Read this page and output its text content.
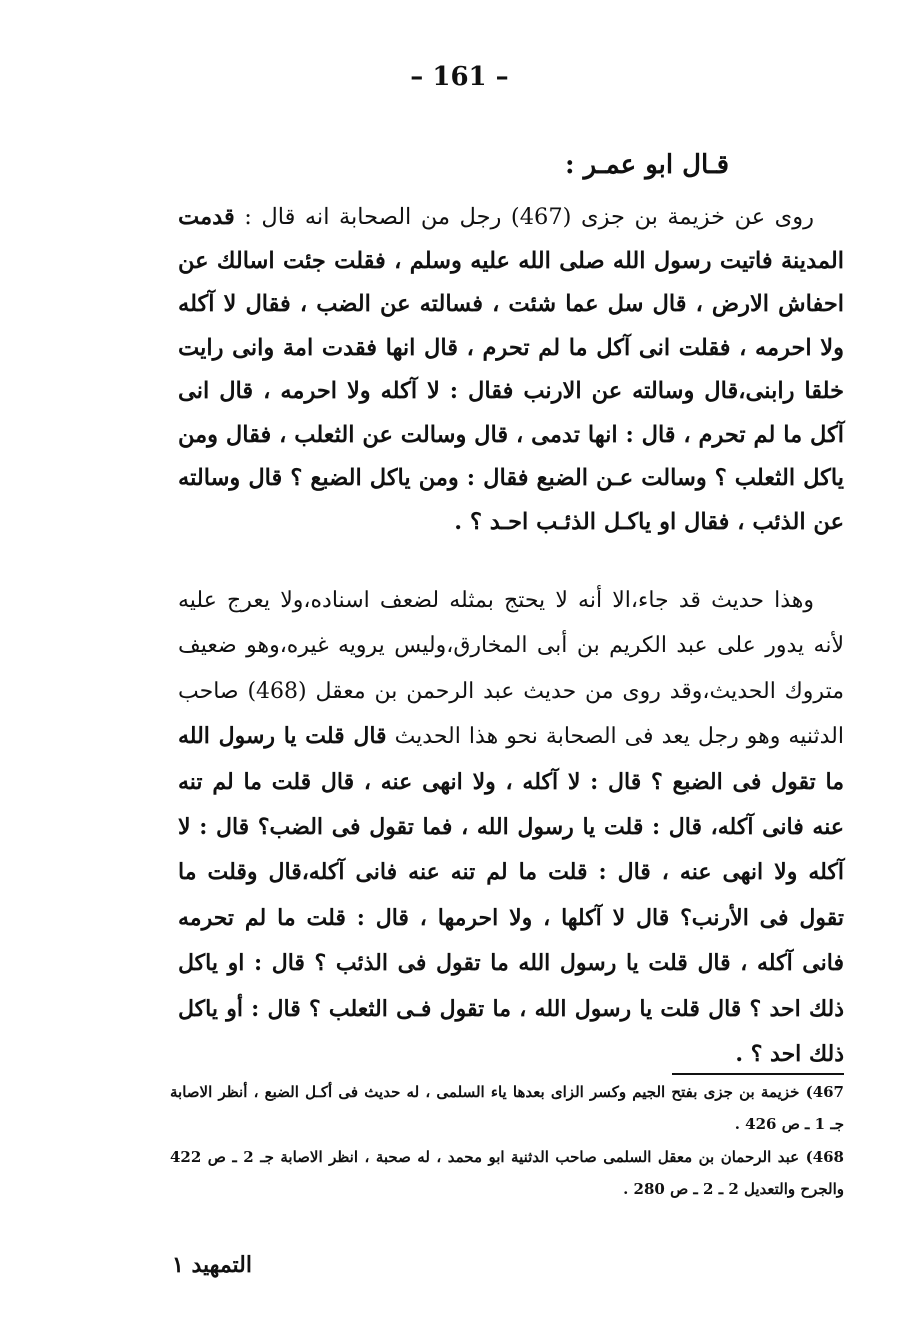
– 161 –
قـال ابو عمـر :
روى عن خزيمة بن جزى (467) رجل من الصحابة انه قال : قدمت المدينة فاتيت رسول الله صلى الله عليه وسلم ، فقلت جئت اسالك عن احفاش الارض ، قال سل عما شئت ، فسالته عن الضب ، فقال لا آكله ولا احرمه ، فقلت انى آكل ما لم تحرم ، قال انها فقدت امة وانى رايت خلقا رابنى،قال وسالته عن الارنب فقال : لا آكله ولا احرمه ، قال انى آكل ما لم تحرم ، قال : انها تدمى ، قال وسالت عن الثعلب ، فقال ومن ياكل الثعلب ؟ وسالت عـن الضبع فقال : ومن ياكل الضبع ؟ قال وسالته عن الذئب ، فقال او ياكـل الذئـب احـد ؟ .
وهذا حديث قد جاء،الا أنه لا يحتج بمثله لضعف اسناده،ولا يعرج عليه لأنه يدور على عبد الكريم بن أبى المخارق،وليس يرويه غيره،وهو ضعيف متروك الحديث،وقد روى من حديث عبد الرحمن بن معقل (468) صاحب الدثنيه وهو رجل يعد فى الصحابة نحو هذا الحديث قال قلت يا رسول الله ما تقول فى الضبع ؟ قال : لا آكله ، ولا انهى عنه ، قال قلت ما لم تنه عنه فانى آكله، قال : قلت يا رسول الله ، فما تقول فى الضب؟ قال : لا آكله ولا انهى عنه ، قال : قلت ما لم تنه عنه فانى آكله،قال وقلت ما تقول فى الأرنب؟ قال لا آكلها ، ولا احرمها ، قال : قلت ما لم تحرمه فانى آكله ، قال قلت يا رسول الله ما تقول فى الذئب ؟ قال : او ياكل ذلك احد ؟ قال قلت يا رسول الله ، ما تقول فـى الثعلب ؟ قال : أو ياكل ذلك احد ؟ .
467) خزيمة بن جزى بفتح الجيم وكسر الزاى بعدها ياء السلمى ، له حديث فى أكـل الضبع ، أنظر الاصابة جـ 1 ـ ص 426 .
468) عبد الرحمان بن معقل السلمى صاحب الدثنية ابو محمد ، له صحبة ، انظر الاصابة جـ 2 ـ ص 422 والجرح والتعديل 2 ـ 2 ـ ص 280 .
التمهيد ١
